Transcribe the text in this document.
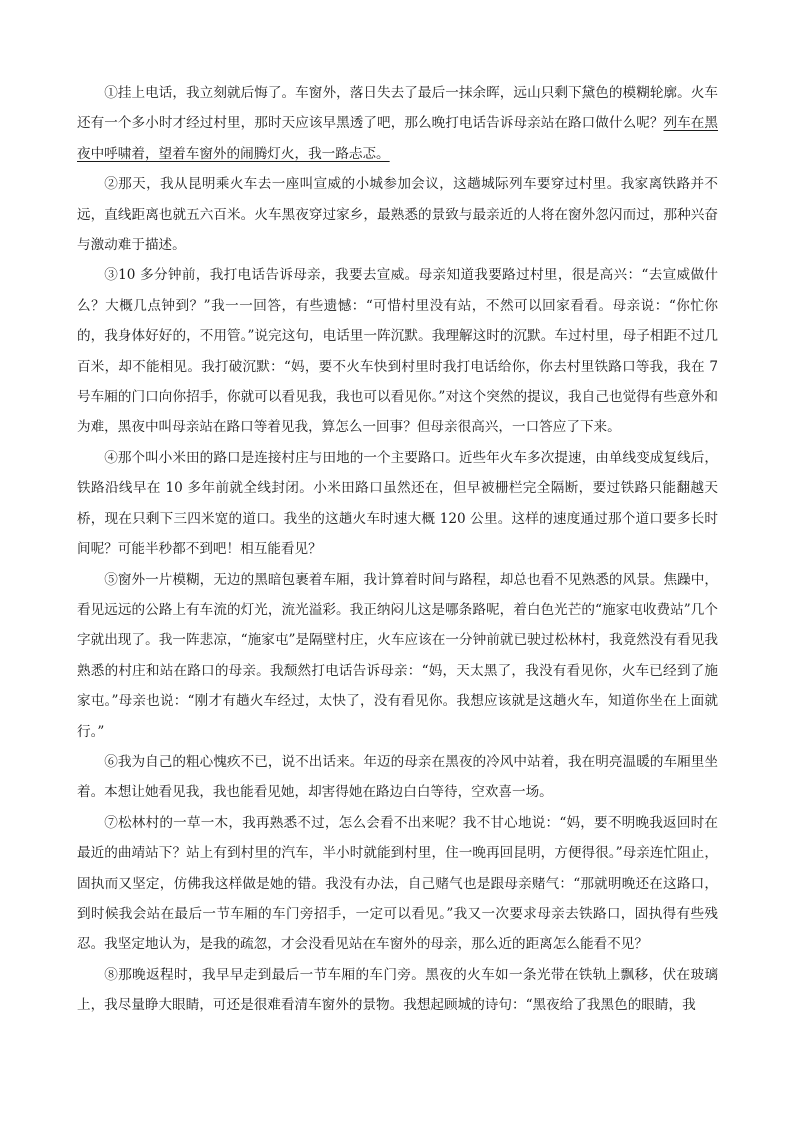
①挂上电话，我立刻就后悔了。车窗外，落日失去了最后一抹余晖，远山只剩下黛色的模糊轮廓。火车还有一个多小时才经过村里，那时天应该早黑透了吧，那么晚打电话告诉母亲站在路口做什么呢？列车在黑夜中呼啸着，望着车窗外的闹腾灯火，我一路忐忑。

②那天，我从昆明乘火车去一座叫宣威的小城参加会议，这趟城际列车要穿过村里。我家离铁路并不远，直线距离也就五六百米。火车黑夜穿过家乡，最熟悉的景致与最亲近的人将在窗外忽闪而过，那种兴奋与激动难于描述。

③10 多分钟前，我打电话告诉母亲，我要去宣威。母亲知道我要路过村里，很是高兴：“去宣威做什么？大概几点钟到？”我一一回答，有些遗憾：“可惜村里没有站，不然可以回家看看。母亲说：“你忙你的，我身体好好的，不用管。”说完这句，电话里一阵沉默。我理解这时的沉默。车过村里，母子相距不过几百米，却不能相见。我打破沉默：“妈，要不火车快到村里时我打电话给你，你去村里铁路口等我，我在 7 号车厢的门口向你招手，你就可以看见我，我也可以看见你。”对这个突然的提议，我自己也觉得有些意外和为难，黑夜中叫母亲站在路口等着见我，算怎么一回事？但母亲很高兴，一口答应了下来。

④那个叫小米田的路口是连接村庄与田地的一个主要路口。近些年火车多次提速，由单线变成复线后，铁路沿线早在 10 多年前就全线封闭。小米田路口虽然还在，但早被栅栏完全隔断，要过铁路只能翻越天桥，现在只剩下三四米宽的道口。我坐的这趟火车时速大概 120 公里。这样的速度通过那个道口要多长时间呢？可能半秒都不到吧！相互能看见？

⑤窗外一片模糊，无边的黑暗包裹着车厢，我计算着时间与路程，却总也看不见熟悉的风景。焦躁中，看见远远的公路上有车流的灯光，流光溢彩。我正纳闷儿这是哪条路呢，着白色光芒的“施家屯收费站”几个字就出现了。我一阵悲凉，“施家屯”是隔壁村庄，火车应该在一分钟前就已驶过松林村，我竟然没有看见我熟悉的村庄和站在路口的母亲。我颓然打电话告诉母亲：“妈，天太黑了，我没有看见你，火车已经到了施家屯。”母亲也说：“刚才有趟火车经过，太快了，没有看见你。我想应该就是这趟火车，知道你坐在上面就行。”

⑥我为自己的粗心愧疚不已，说不出话来。年迈的母亲在黑夜的冷风中站着，我在明亮温暖的车厢里坐着。本想让她看见我，我也能看见她，却害得她在路边白白等待，空欢喜一场。

⑦松林村的一草一木，我再熟悉不过，怎么会看不出来呢？我不甘心地说：“妈，要不明晚我返回时在最近的曲靖站下？站上有到村里的汽车，半小时就能到村里，住一晚再回昆明，方便得很。”母亲连忙阻止，固执而又坚定，仿佛我这样做是她的错。我没有办法，自己赌气也是跟母亲赌气：“那就明晚还在这路口，到时候我会站在最后一节车厢的车门旁招手，一定可以看见。”我又一次要求母亲去铁路口，固执得有些残忍。我坚定地认为，是我的疏忽，才会没看见站在车窗外的母亲，那么近的距离怎么能看不见？

⑧那晚返程时，我早早走到最后一节车厢的车门旁。黑夜的火车如一条光带在铁轨上飘移，伏在玻璃上，我尽量睁大眼睛，可还是很难看清车窗外的景物。我想起顾城的诗句：“黑夜给了我黑色的眼睛，我
